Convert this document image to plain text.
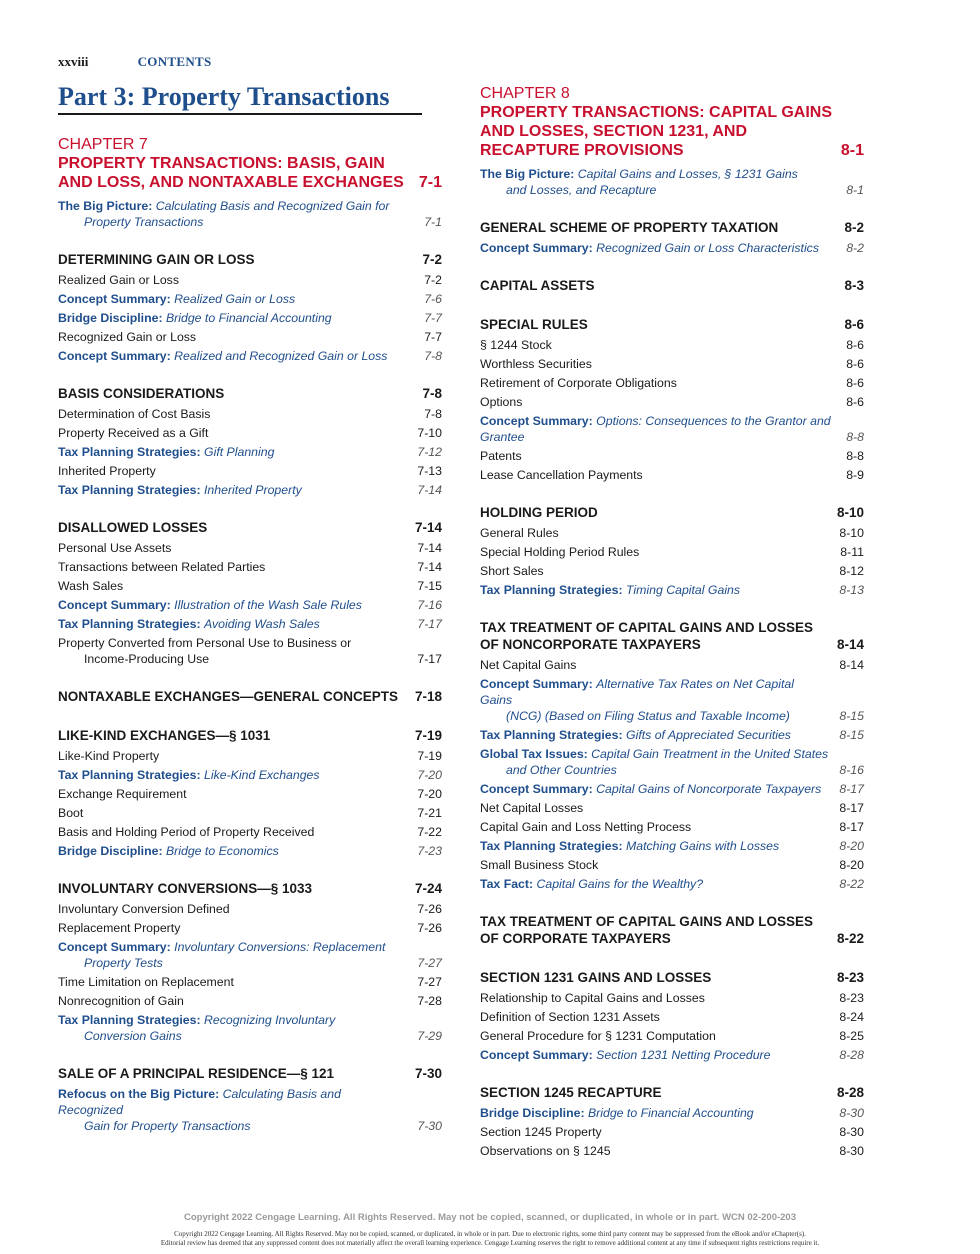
xxviii	CONTENTS
Part 3: Property Transactions
CHAPTER 7
PROPERTY TRANSACTIONS: BASIS, GAIN AND LOSS, AND NONTAXABLE EXCHANGES 7-1
The Big Picture: Calculating Basis and Recognized Gain for
Property Transactions	7-1
DETERMINING GAIN OR LOSS	7-2
Realized Gain or Loss	7-2
Concept Summary: Realized Gain or Loss	7-6
Bridge Discipline: Bridge to Financial Accounting	7-7
Recognized Gain or Loss	7-7
Concept Summary: Realized and Recognized Gain or Loss	7-8
BASIS CONSIDERATIONS	7-8
Determination of Cost Basis	7-8
Property Received as a Gift	7-10
Tax Planning Strategies: Gift Planning	7-12
Inherited Property	7-13
Tax Planning Strategies: Inherited Property	7-14
DISALLOWED LOSSES	7-14
Personal Use Assets	7-14
Transactions between Related Parties	7-14
Wash Sales	7-15
Concept Summary: Illustration of the Wash Sale Rules	7-16
Tax Planning Strategies: Avoiding Wash Sales	7-17
Property Converted from Personal Use to Business or
Income-Producing Use	7-17
NONTAXABLE EXCHANGES—GENERAL CONCEPTS	7-18
LIKE-KIND EXCHANGES—§ 1031	7-19
Like-Kind Property	7-19
Tax Planning Strategies: Like-Kind Exchanges	7-20
Exchange Requirement	7-20
Boot	7-21
Basis and Holding Period of Property Received	7-22
Bridge Discipline: Bridge to Economics	7-23
INVOLUNTARY CONVERSIONS—§ 1033	7-24
Involuntary Conversion Defined	7-26
Replacement Property	7-26
Concept Summary: Involuntary Conversions: Replacement
Property Tests	7-27
Time Limitation on Replacement	7-27
Nonrecognition of Gain	7-28
Tax Planning Strategies: Recognizing Involuntary
Conversion Gains	7-29
SALE OF A PRINCIPAL RESIDENCE—§ 121	7-30
Refocus on the Big Picture: Calculating Basis and Recognized
Gain for Property Transactions	7-30
CHAPTER 8
PROPERTY TRANSACTIONS: CAPITAL GAINS AND LOSSES, SECTION 1231, AND RECAPTURE PROVISIONS	8-1
The Big Picture: Capital Gains and Losses, § 1231 Gains
and Losses, and Recapture	8-1
GENERAL SCHEME OF PROPERTY TAXATION	8-2
Concept Summary: Recognized Gain or Loss Characteristics	8-2
CAPITAL ASSETS	8-3
SPECIAL RULES	8-6
§ 1244 Stock	8-6
Worthless Securities	8-6
Retirement of Corporate Obligations	8-6
Options	8-6
Concept Summary: Options: Consequences to the Grantor and Grantee	8-8
Patents	8-8
Lease Cancellation Payments	8-9
HOLDING PERIOD	8-10
General Rules	8-10
Special Holding Period Rules	8-11
Short Sales	8-12
Tax Planning Strategies: Timing Capital Gains	8-13
TAX TREATMENT OF CAPITAL GAINS AND LOSSES OF NONCORPORATE TAXPAYERS	8-14
Net Capital Gains	8-14
Concept Summary: Alternative Tax Rates on Net Capital Gains
(NCG) (Based on Filing Status and Taxable Income)	8-15
Tax Planning Strategies: Gifts of Appreciated Securities	8-15
Global Tax Issues: Capital Gain Treatment in the United States
and Other Countries	8-16
Concept Summary: Capital Gains of Noncorporate Taxpayers	8-17
Net Capital Losses	8-17
Capital Gain and Loss Netting Process	8-17
Tax Planning Strategies: Matching Gains with Losses	8-20
Small Business Stock	8-20
Tax Fact: Capital Gains for the Wealthy?	8-22
TAX TREATMENT OF CAPITAL GAINS AND LOSSES OF CORPORATE TAXPAYERS	8-22
SECTION 1231 GAINS AND LOSSES	8-23
Relationship to Capital Gains and Losses	8-23
Definition of Section 1231 Assets	8-24
General Procedure for § 1231 Computation	8-25
Concept Summary: Section 1231 Netting Procedure	8-28
SECTION 1245 RECAPTURE	8-28
Bridge Discipline: Bridge to Financial Accounting	8-30
Section 1245 Property	8-30
Observations on § 1245	8-30
Copyright 2022 Cengage Learning. All Rights Reserved. May not be copied, scanned, or duplicated, in whole or in part. WCN 02-200-203
Copyright 2022 Cengage Learning. All Rights Reserved. May not be copied, scanned, or duplicated, in whole or in part. Due to electronic rights, some third party content may be suppressed from the eBook and/or eChapter(s).
Editorial review has deemed that any suppressed content does not materially affect the overall learning experience. Cengage Learning reserves the right to remove additional content at any time if subsequent rights restrictions require it.
